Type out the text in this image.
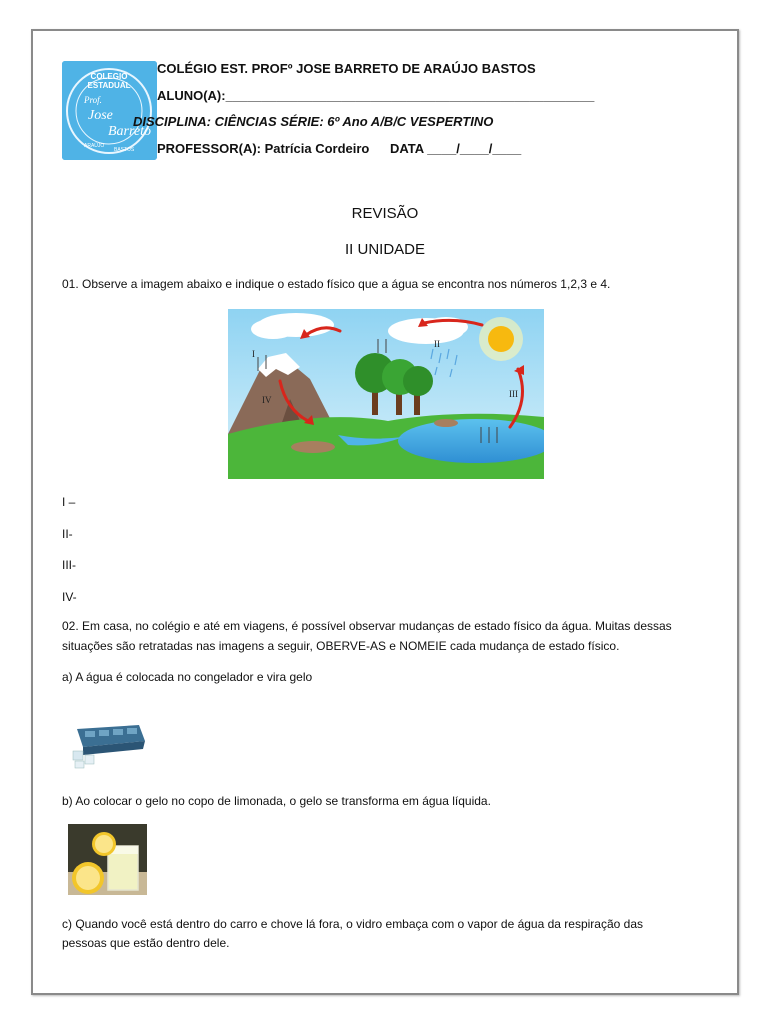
COLEGIO
ESTADUAL
Prof.
Jose
Barreto
ARAÚJO
BASTOS
COLÉGIO EST. PROFº JOSE BARRETO DE ARAÚJO BASTOS
ALUNO(A):___________________________________________________
DISCIPLINA: CIÊNCIAS SÉRIE: 6º Ano A/B/C VESPERTINO
PROFESSOR(A): Patrícia Cordeiro DATA ____/____/____
REVISÃO
II UNIDADE
01. Observe a imagem abaixo e indique o estado físico que a água se encontra nos números 1,2,3 e 4.
I
II
III
IV
I –
II-
III-
IV-
02. Em casa, no colégio e até em viagens, é possível observar mudanças de estado físico da água. Muitas dessas
situações são retratadas nas imagens a seguir, OBERVE-AS e NOMEIE cada mudança de estado físico.
a) A água é colocada no congelador e vira gelo
b) Ao colocar o gelo no copo de limonada, o gelo se transforma em água líquida.
c) Quando você está dentro do carro e chove lá fora, o vidro embaça com o vapor de água da respiração das
pessoas que estão dentro dele.
